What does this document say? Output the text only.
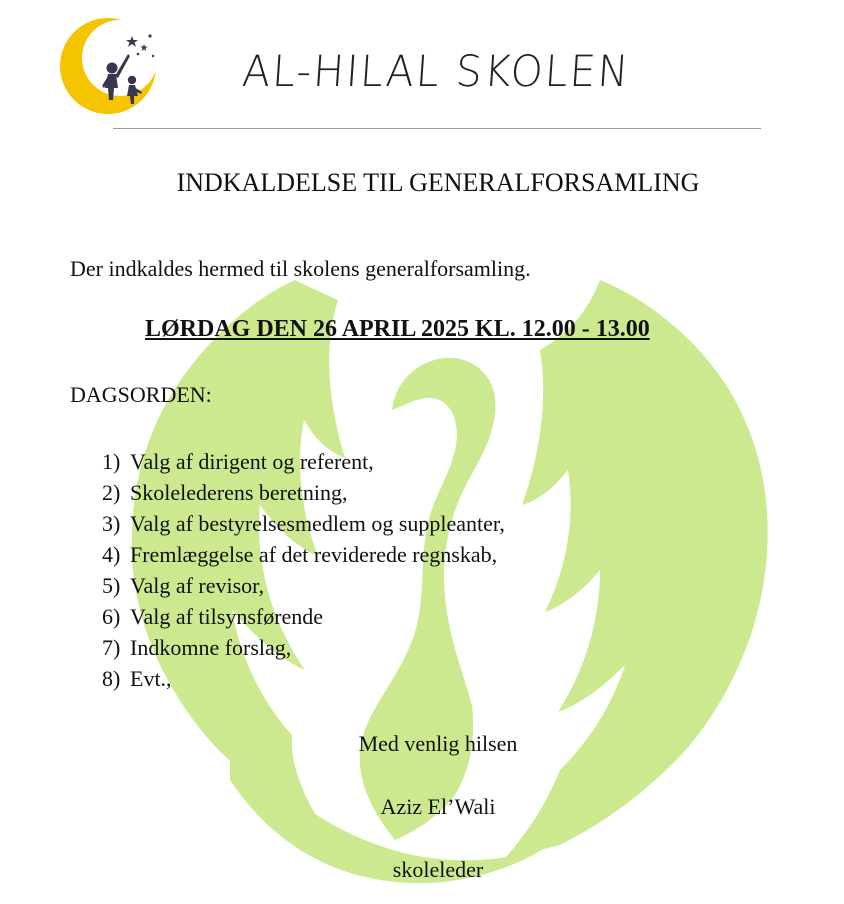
AL-HILAL SKOLEN
INDKALDELSE TIL GENERALFORSAMLING
Der indkaldes hermed til skolens generalforsamling.
LØRDAG DEN 26 APRIL 2025 KL. 12.00 - 13.00
DAGSORDEN:
1) Valg af dirigent og referent,
2) Skolelederens beretning,
3) Valg af bestyrelsesmedlem og suppleanter,
4) Fremlæggelse af det reviderede regnskab,
5) Valg af revisor,
6) Valg af tilsynsførende
7) Indkomne forslag,
8) Evt.,
Med venlig hilsen
Aziz El’Wali
skoleleder
